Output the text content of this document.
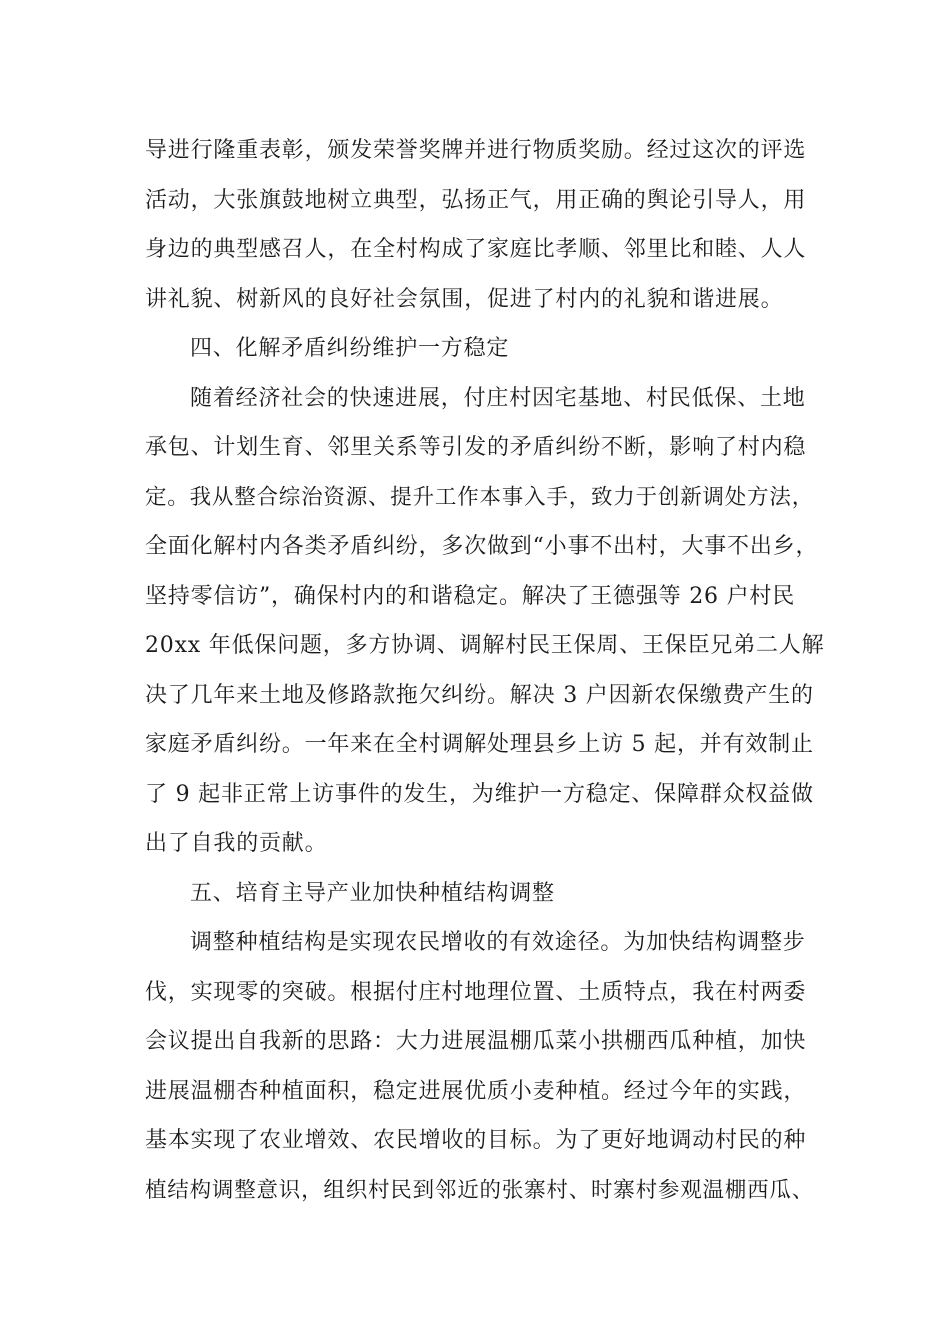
导进行隆重表彰，颁发荣誉奖牌并进行物质奖励。经过这次的评选
活动，大张旗鼓地树立典型，弘扬正气，用正确的舆论引导人，用
身边的典型感召人，在全村构成了家庭比孝顺、邻里比和睦、人人
讲礼貌、树新风的良好社会氛围，促进了村内的礼貌和谐进展。
四、化解矛盾纠纷维护一方稳定
随着经济社会的快速进展，付庄村因宅基地、村民低保、土地
承包、计划生育、邻里关系等引发的矛盾纠纷不断，影响了村内稳
定。我从整合综治资源、提升工作本事入手，致力于创新调处方法，
全面化解村内各类矛盾纠纷，多次做到“小事不出村，大事不出乡，
坚持零信访”，确保村内的和谐稳定。解决了王德强等 26 户村民
20xx 年低保问题，多方协调、调解村民王保周、王保臣兄弟二人解
决了几年来土地及修路款拖欠纠纷。解决 3 户因新农保缴费产生的
家庭矛盾纠纷。一年来在全村调解处理县乡上访 5 起，并有效制止
了 9 起非正常上访事件的发生，为维护一方稳定、保障群众权益做
出了自我的贡献。
五、培育主导产业加快种植结构调整
调整种植结构是实现农民增收的有效途径。为加快结构调整步
伐，实现零的突破。根据付庄村地理位置、土质特点，我在村两委
会议提出自我新的思路：大力进展温棚瓜菜小拱棚西瓜种植，加快
进展温棚杏种植面积，稳定进展优质小麦种植。经过今年的实践，
基本实现了农业增效、农民增收的目标。为了更好地调动村民的种
植结构调整意识，组织村民到邻近的张寨村、时寨村参观温棚西瓜、
